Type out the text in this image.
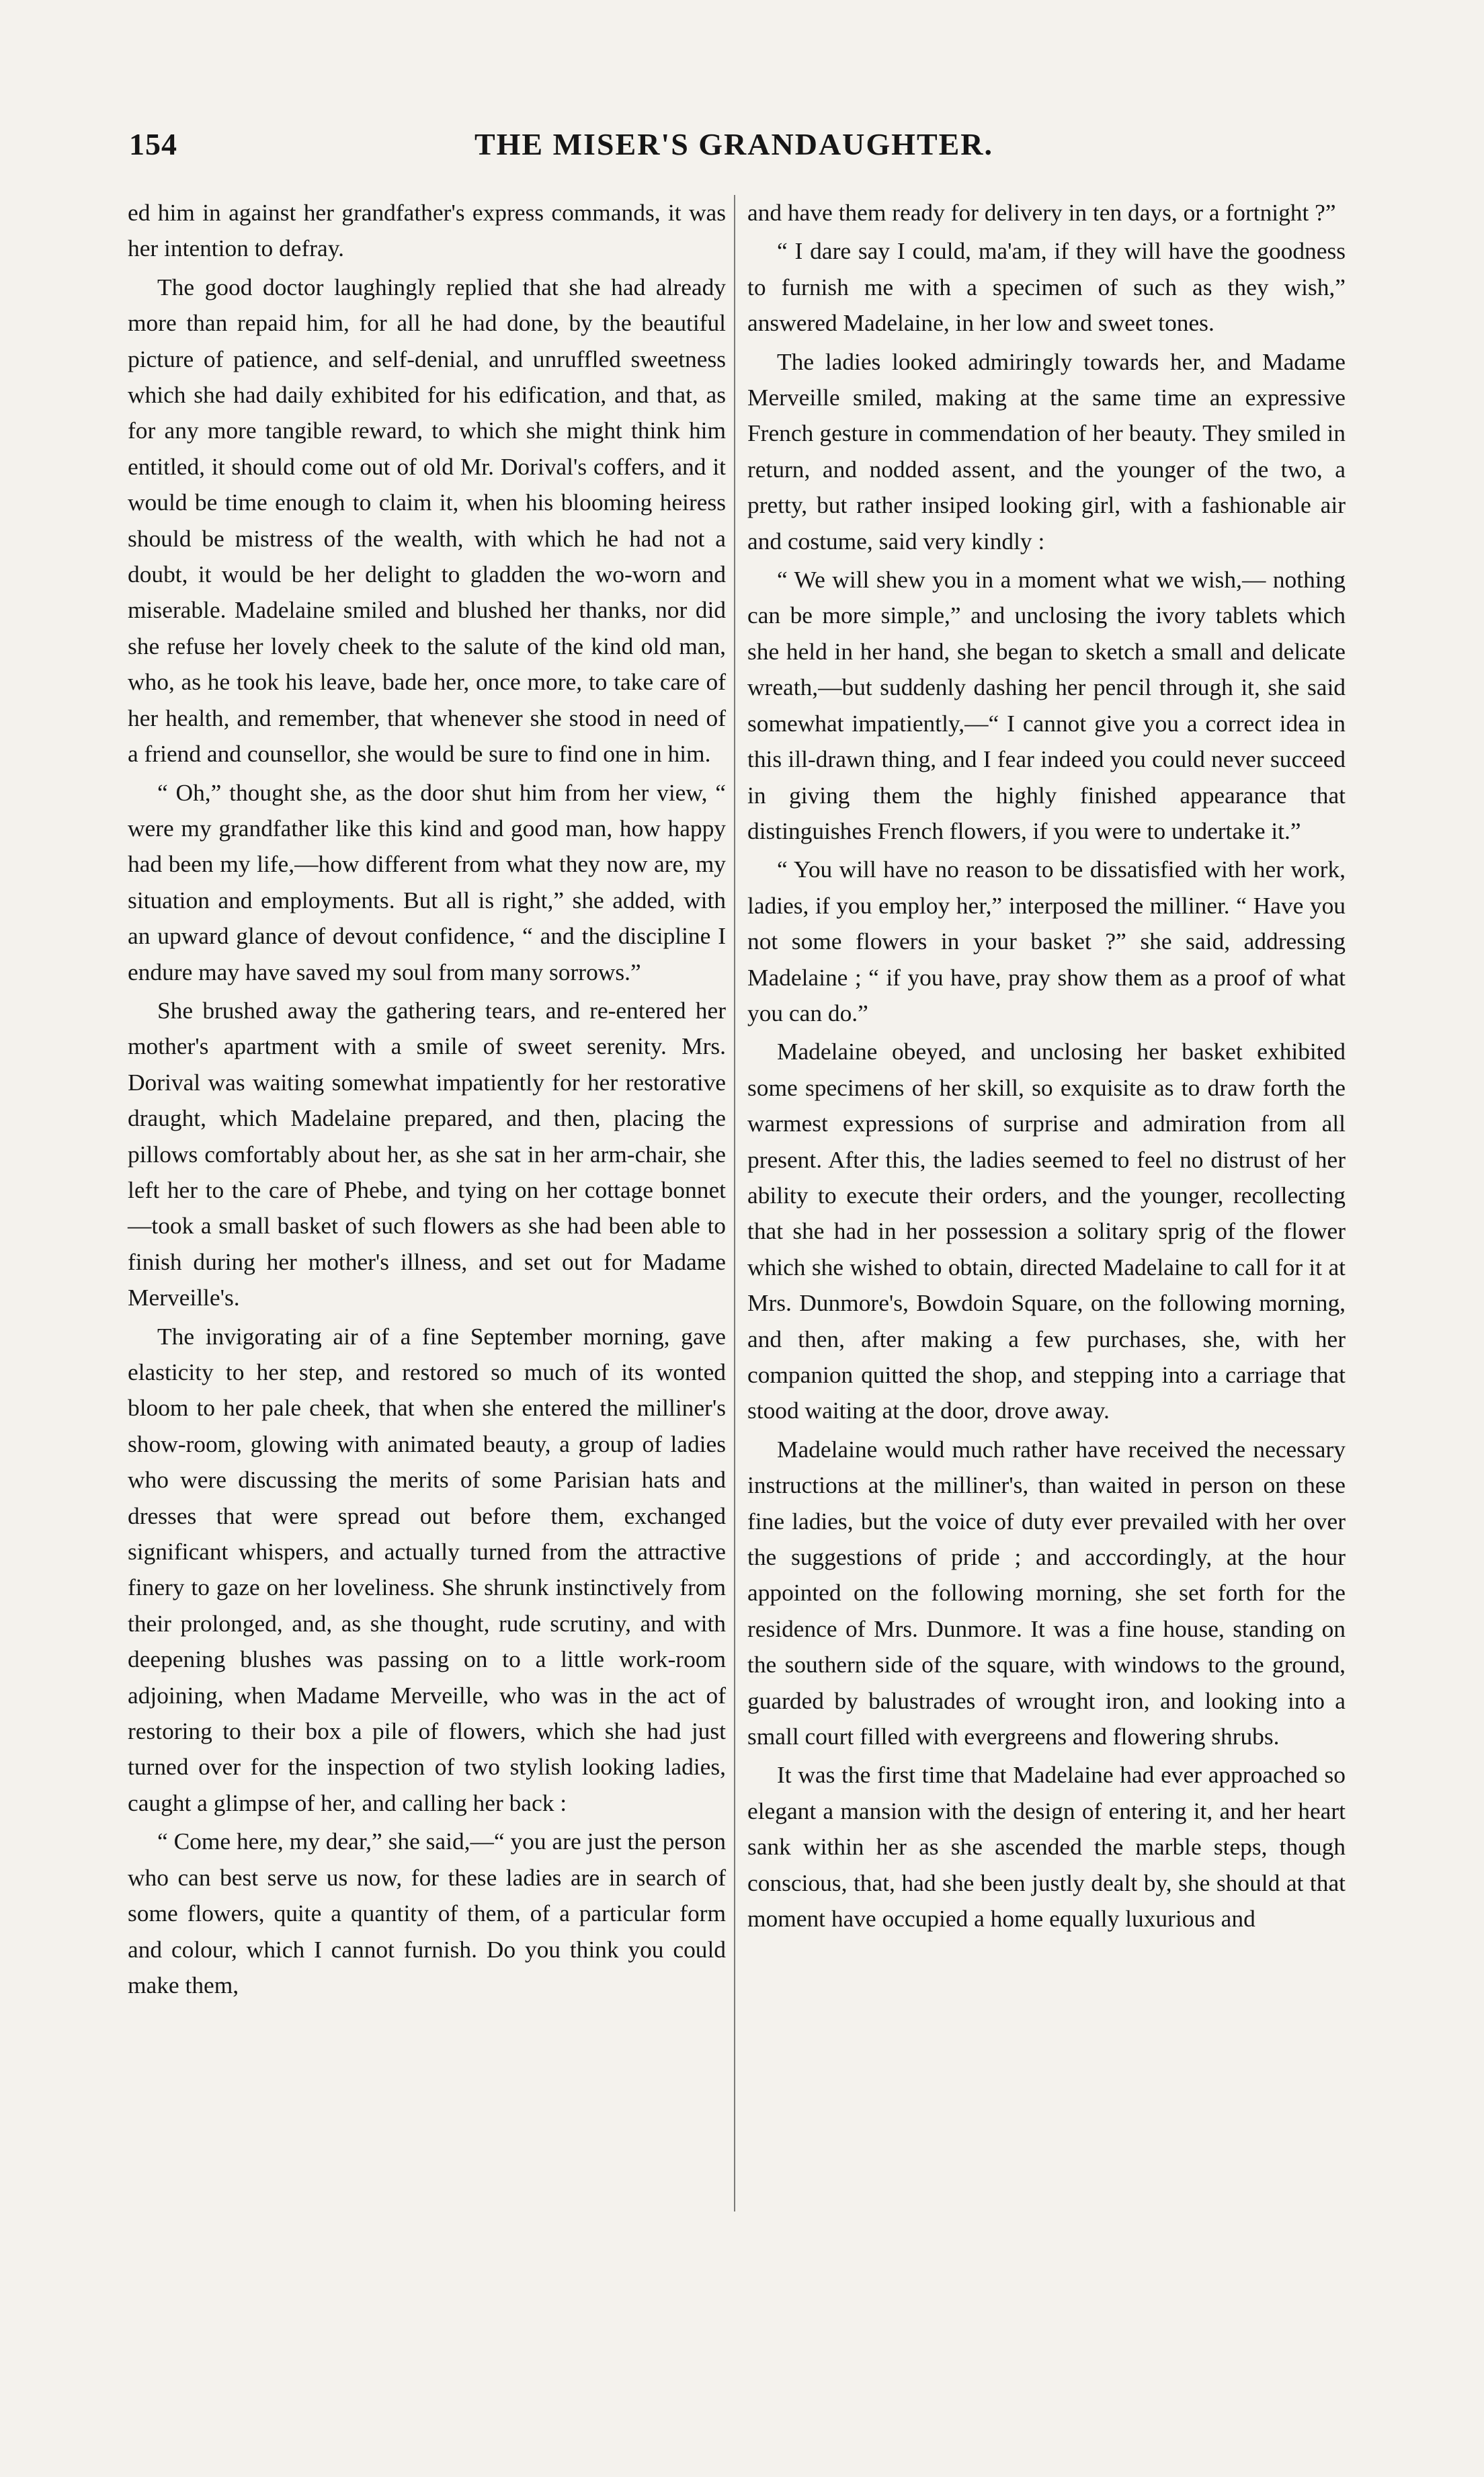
154	THE MISER'S GRANDAUGHTER.

ed him in against her grandfather's express commands, it was her intention to defray.

The good doctor laughingly replied that she had already more than repaid him, for all he had done, by the beautiful picture of patience, and self-denial, and unruffled sweetness which she had daily exhibited for his edification, and that, as for any more tangible reward, to which she might think him entitled, it should come out of old Mr. Dorival's coffers, and it would be time enough to claim it, when his blooming heiress should be mistress of the wealth, with which he had not a doubt, it would be her delight to gladden the wo-worn and miserable. Madelaine smiled and blushed her thanks, nor did she refuse her lovely cheek to the salute of the kind old man, who, as he took his leave, bade her, once more, to take care of her health, and remember, that whenever she stood in need of a friend and counsellor, she would be sure to find one in him.

“ Oh,” thought she, as the door shut him from her view, “ were my grandfather like this kind and good man, how happy had been my life,—how different from what they now are, my situation and employments. But all is right,” she added, with an upward glance of devout confidence, “ and the discipline I endure may have saved my soul from many sorrows.”

She brushed away the gathering tears, and re-entered her mother's apartment with a smile of sweet serenity. Mrs. Dorival was waiting somewhat impatiently for her restorative draught, which Madelaine prepared, and then, placing the pillows comfortably about her, as she sat in her arm-chair, she left her to the care of Phebe, and tying on her cottage bonnet—took a small basket of such flowers as she had been able to finish during her mother's illness, and set out for Madame Merveille's.

The invigorating air of a fine September morning, gave elasticity to her step, and restored so much of its wonted bloom to her pale cheek, that when she entered the milliner's show-room, glowing with animated beauty, a group of ladies who were discussing the merits of some Parisian hats and dresses that were spread out before them, exchanged significant whispers, and actually turned from the attractive finery to gaze on her loveliness. She shrunk instinctively from their prolonged, and, as she thought, rude scrutiny, and with deepening blushes was passing on to a little work-room adjoining, when Madame Merveille, who was in the act of restoring to their box a pile of flowers, which she had just turned over for the inspection of two stylish looking ladies, caught a glimpse of her, and calling her back :

“ Come here, my dear,” she said,—“ you are just the person who can best serve us now, for these ladies are in search of some flowers, quite a quantity of them, of a particular form and colour, which I cannot furnish. Do you think you could make them,

and have them ready for delivery in ten days, or a fortnight ?”

“ I dare say I could, ma'am, if they will have the goodness to furnish me with a specimen of such as they wish,” answered Madelaine, in her low and sweet tones.

The ladies looked admiringly towards her, and Madame Merveille smiled, making at the same time an expressive French gesture in commendation of her beauty. They smiled in return, and nodded assent, and the younger of the two, a pretty, but rather insiped looking girl, with a fashionable air and costume, said very kindly :

“ We will shew you in a moment what we wish,— nothing can be more simple,” and unclosing the ivory tablets which she held in her hand, she began to sketch a small and delicate wreath,—but suddenly dashing her pencil through it, she said somewhat impatiently,—“ I cannot give you a correct idea in this ill-drawn thing, and I fear indeed you could never succeed in giving them the highly finished appearance that distinguishes French flowers, if you were to undertake it.”

“ You will have no reason to be dissatisfied with her work, ladies, if you employ her,” interposed the milliner. “ Have you not some flowers in your basket ?” she said, addressing Madelaine ; “ if you have, pray show them as a proof of what you can do.”

Madelaine obeyed, and unclosing her basket exhibited some specimens of her skill, so exquisite as to draw forth the warmest expressions of surprise and admiration from all present. After this, the ladies seemed to feel no distrust of her ability to execute their orders, and the younger, recollecting that she had in her possession a solitary sprig of the flower which she wished to obtain, directed Madelaine to call for it at Mrs. Dunmore's, Bowdoin Square, on the following morning, and then, after making a few purchases, she, with her companion quitted the shop, and stepping into a carriage that stood waiting at the door, drove away.

Madelaine would much rather have received the necessary instructions at the milliner's, than waited in person on these fine ladies, but the voice of duty ever prevailed with her over the suggestions of pride ; and acccordingly, at the hour appointed on the following morning, she set forth for the residence of Mrs. Dunmore. It was a fine house, standing on the southern side of the square, with windows to the ground, guarded by balustrades of wrought iron, and looking into a small court filled with evergreens and flowering shrubs.

It was the first time that Madelaine had ever approached so elegant a mansion with the design of entering it, and her heart sank within her as she ascended the marble steps, though conscious, that, had she been justly dealt by, she should at that moment have occupied a home equally luxurious and
